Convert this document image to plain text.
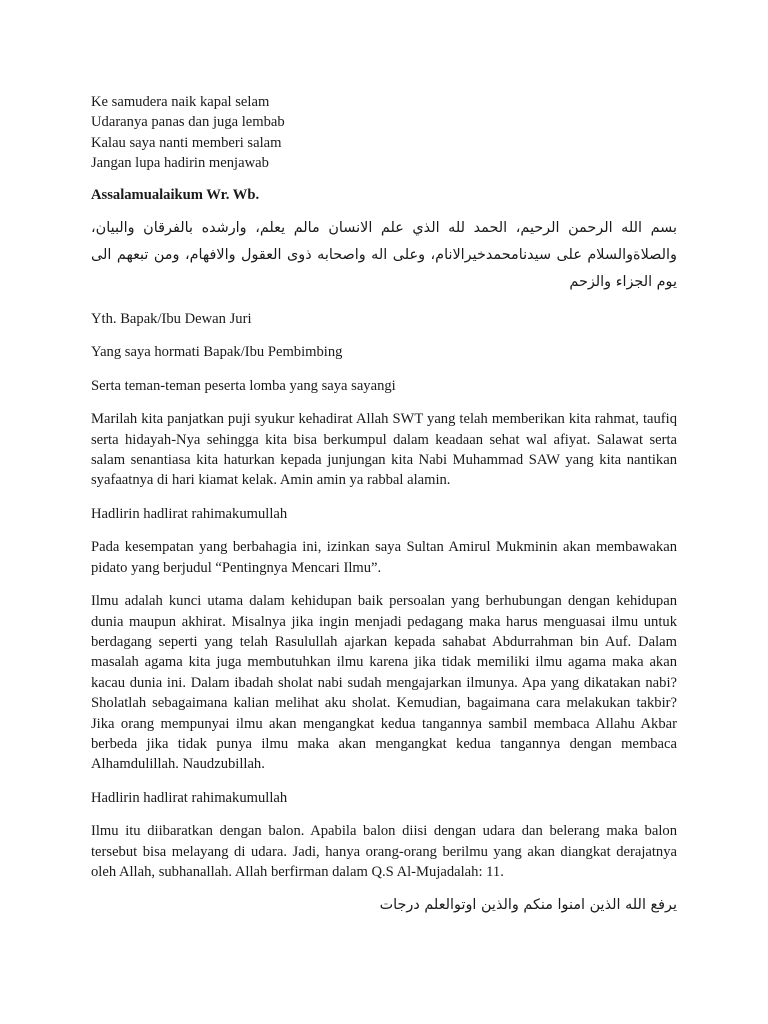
Ke samudera naik kapal selam
Udaranya panas dan juga lembab
Kalau saya nanti memberi salam
Jangan lupa hadirin menjawab
Assalamualaikum Wr. Wb.
بسم الله الرحمن الرحيم، الحمد لله الذي علم الانسان مالم يعلم، وارشده بالفرقان والبيان، والصلاةوالسلام على سيدنامحمدخيرالانام، وعلى اله واصحابه ذوى العقول والافهام، ومن تبعهم الى يوم الجزاء والزحم
Yth. Bapak/Ibu Dewan Juri
Yang saya hormati Bapak/Ibu Pembimbing
Serta teman-teman peserta lomba yang saya sayangi
Marilah kita panjatkan puji syukur kehadirat Allah SWT yang telah memberikan kita rahmat, taufiq serta hidayah-Nya sehingga kita bisa berkumpul dalam keadaan sehat wal afiyat. Salawat serta salam senantiasa kita haturkan kepada junjungan kita Nabi Muhammad SAW yang kita nantikan syafaatnya di hari kiamat kelak. Amin amin ya rabbal alamin.
Hadlirin hadlirat rahimakumullah
Pada kesempatan yang berbahagia ini, izinkan saya Sultan Amirul Mukminin akan membawakan pidato yang berjudul “Pentingnya Mencari Ilmu”.
Ilmu adalah kunci utama dalam kehidupan baik persoalan yang berhubungan dengan kehidupan dunia maupun akhirat. Misalnya jika ingin menjadi pedagang maka harus menguasai ilmu untuk berdagang seperti yang telah Rasulullah ajarkan kepada sahabat Abdurrahman bin Auf. Dalam masalah agama kita juga membutuhkan ilmu karena jika tidak memiliki ilmu agama maka akan kacau dunia ini. Dalam ibadah sholat nabi sudah mengajarkan ilmunya. Apa yang dikatakan nabi? Sholatlah sebagaimana kalian melihat aku sholat. Kemudian, bagaimana cara melakukan takbir? Jika orang mempunyai ilmu akan mengangkat kedua tangannya sambil membaca Allahu Akbar berbeda jika tidak punya ilmu maka akan mengangkat kedua tangannya dengan membaca Alhamdulillah. Naudzubillah.
Hadlirin hadlirat rahimakumullah
Ilmu itu diibaratkan dengan balon. Apabila balon diisi dengan udara dan belerang maka balon tersebut bisa melayang di udara. Jadi, hanya orang-orang berilmu yang akan diangkat derajatnya oleh Allah, subhanallah. Allah berfirman dalam Q.S Al-Mujadalah: 11.
يرفع الله الذين امنوا منكم والذين اوتوالعلم درجات
